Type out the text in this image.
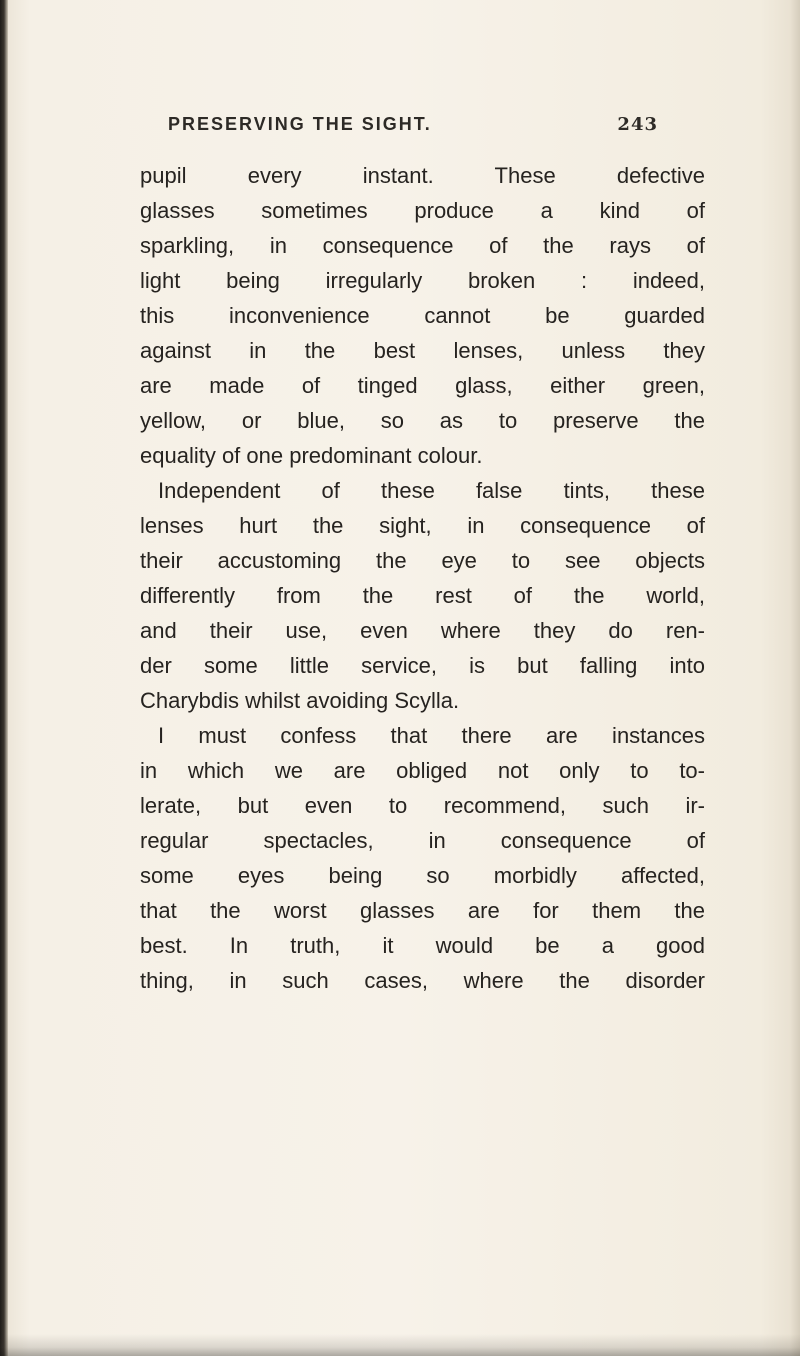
PRESERVING THE SIGHT.	243
pupil every instant. These defective
glasses sometimes produce a kind of
sparkling, in consequence of the rays of
light being irregularly broken : indeed,
this inconvenience cannot be guarded
against in the best lenses, unless they
are made of tinged glass, either green,
yellow, or blue, so as to preserve the
equality of one predominant colour.
Independent of these false tints, these
lenses hurt the sight, in consequence of
their accustoming the eye to see objects
differently from the rest of the world,
and their use, even where they do ren-
der some little service, is but falling into
Charybdis whilst avoiding Scylla.
I must confess that there are instances
in which we are obliged not only to to-
lerate, but even to recommend, such ir-
regular spectacles, in consequence of
some eyes being so morbidly affected,
that the worst glasses are for them the
best. In truth, it would be a good
thing, in such cases, where the disorder
